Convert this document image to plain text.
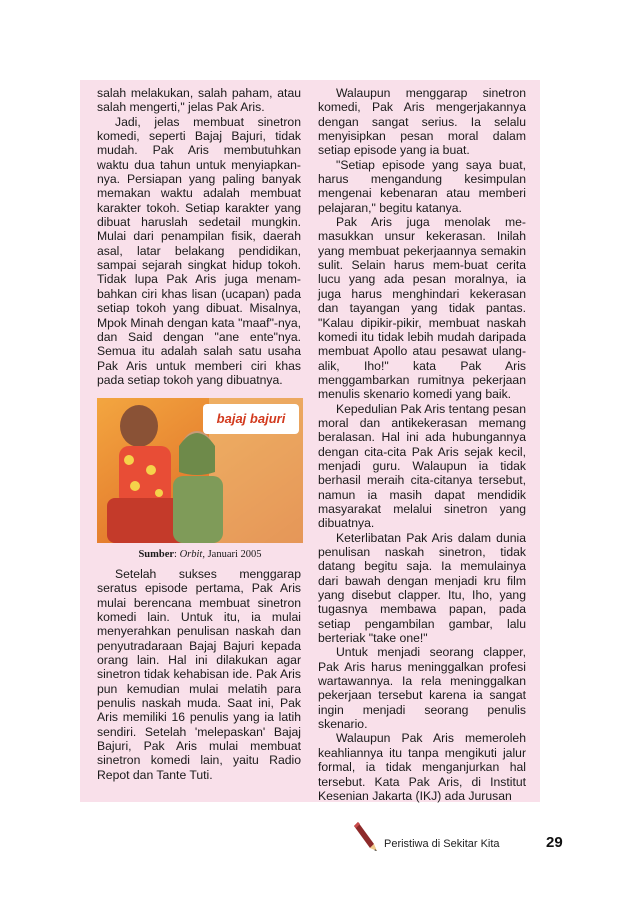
salah melakukan, salah paham, atau salah mengerti," jelas Pak Aris.

Jadi, jelas membuat sinetron komedi, seperti Bajaj Bajuri, tidak mudah. Pak Aris membutuhkan waktu dua tahun untuk menyiapkan-nya. Persiapan yang paling banyak memakan waktu adalah membuat karakter tokoh. Setiap karakter yang dibuat haruslah sedetail mungkin. Mulai dari penampilan fisik, daerah asal, latar belakang pendidikan, sampai sejarah singkat hidup tokoh. Tidak lupa Pak Aris juga menam-bahkan ciri khas lisan (ucapan) pada setiap tokoh yang dibuat. Misalnya, Mpok Minah dengan kata "maaf"-nya, dan Said dengan "ane ente"nya. Semua itu adalah salah satu usaha Pak Aris untuk memberi ciri khas pada setiap tokoh yang dibuatnya.

bajaj bajuri
Sumber: Orbit, Januari 2005

Setelah sukses menggarap seratus episode pertama, Pak Aris mulai berencana membuat sinetron komedi lain. Untuk itu, ia mulai menyerahkan penulisan naskah dan penyutradaraan Bajaj Bajuri kepada orang lain. Hal ini dilakukan agar sinetron tidak kehabisan ide. Pak Aris pun kemudian mulai melatih para penulis naskah muda. Saat ini, Pak Aris memiliki 16 penulis yang ia latih sendiri. Setelah 'melepaskan' Bajaj Bajuri, Pak Aris mulai membuat sinetron komedi lain, yaitu Radio Repot dan Tante Tuti.

Walaupun menggarap sinetron komedi, Pak Aris mengerjakannya dengan sangat serius. Ia selalu menyisipkan pesan moral dalam setiap episode yang ia buat.

"Setiap episode yang saya buat, harus mengandung kesimpulan mengenai kebenaran atau memberi pelajaran," begitu katanya.

Pak Aris juga menolak me-masukkan unsur kekerasan. Inilah yang membuat pekerjaannya semakin sulit. Selain harus mem-buat cerita lucu yang ada pesan moralnya, ia juga harus menghindari kekerasan dan tayangan yang tidak pantas. "Kalau dipikir-pikir, membuat naskah komedi itu tidak lebih mudah daripada membuat Apollo atau pesawat ulang-alik, Iho!" kata Pak Aris menggambarkan rumitnya pekerjaan menulis skenario komedi yang baik.

Kepedulian Pak Aris tentang pesan moral dan antikekerasan memang beralasan. Hal ini ada hubungannya dengan cita-cita Pak Aris sejak kecil, menjadi guru. Walaupun ia tidak berhasil meraih cita-citanya tersebut, namun ia masih dapat mendidik masyarakat melalui sinetron yang dibuatnya.

Keterlibatan Pak Aris dalam dunia penulisan naskah sinetron, tidak datang begitu saja. Ia memulainya dari bawah dengan menjadi kru film yang disebut clapper. Itu, Iho, yang tugasnya membawa papan, pada setiap pengambilan gambar, lalu berteriak "take one!"

Untuk menjadi seorang clapper, Pak Aris harus meninggalkan profesi wartawannya. Ia rela meninggalkan pekerjaan tersebut karena ia sangat ingin menjadi seorang penulis skenario.

Walaupun Pak Aris memeroleh keahliannya itu tanpa mengikuti jalur formal, ia tidak menganjurkan hal tersebut. Kata Pak Aris, di Institut Kesenian Jakarta (IKJ) ada Jurusan

Peristiwa di Sekitar Kita	29
